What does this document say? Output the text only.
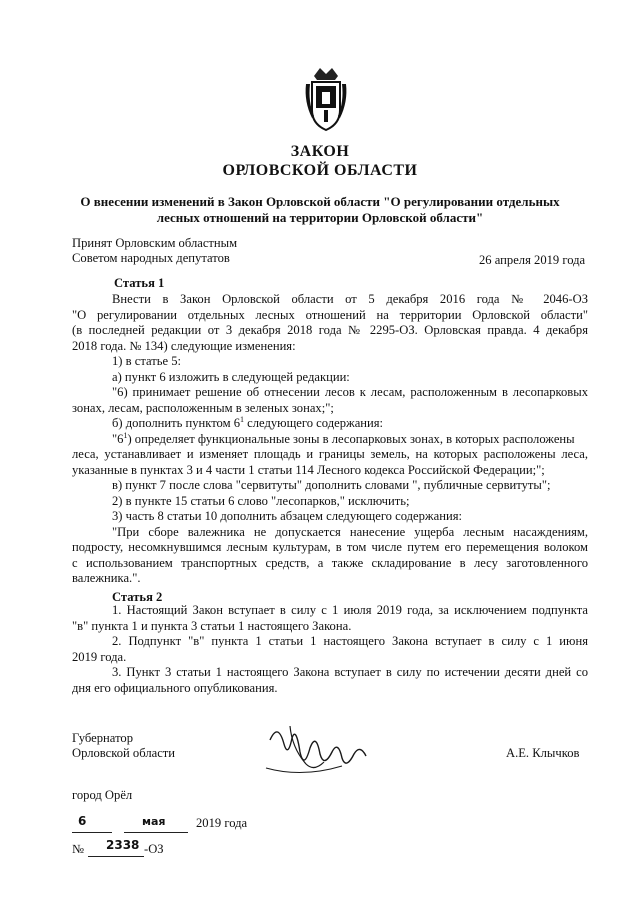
ЗАКОН
ОРЛОВСКОЙ ОБЛАСТИ
О внесении изменений в Закон Орловской области "О регулировании отдельных
лесных отношений на территории Орловской области"
Принят Орловским областным
Советом народных депутатов	26 апреля 2019 года
Статья 1
Внести в Закон Орловской области от 5 декабря 2016 года № 2046-ОЗ
"О регулировании отдельных лесных отношений на территории Орловской области"
(в последней редакции от 3 декабря 2018 года № 2295-ОЗ. Орловская правда. 4 декабря
2018 года. № 134) следующие изменения:
1) в статье 5:
а) пункт 6 изложить в следующей редакции:
"6) принимает решение об отнесении лесов к лесам, расположенным в лесопарковых
зонах, лесам, расположенным в зеленых зонах;";
б) дополнить пунктом $6^1$ следующего содержания:
"$6^1$) определяет функциональные зоны в лесопарковых зонах, в которых расположены
леса, устанавливает и изменяет площадь и границы земель, на которых расположены леса,
указанные в пунктах 3 и 4 части 1 статьи 114 Лесного кодекса Российской Федерации;";
в) пункт 7 после слова "сервитуты" дополнить словами ", публичные сервитуты";
2) в пункте 15 статьи 6 слово "лесопарков," исключить;
3) часть 8 статьи 10 дополнить абзацем следующего содержания:
"При сборе валежника не допускается нанесение ущерба лесным насаждениям,
подросту, несомкнувшимся лесным культурам, в том числе путем его перемещения волоком
с использованием транспортных средств, а также складирование в лесу заготовленного
валежника.".
Статья 2
1. Настоящий Закон вступает в силу с 1 июля 2019 года, за исключением подпункта
"в" пункта 1 и пункта 3 статьи 1 настоящего Закона.
2. Подпункт "в" пункта 1 статьи 1 настоящего Закона вступает в силу с 1 июня
2019 года.
3. Пункт 3 статьи 1 настоящего Закона вступает в силу по истечении десяти дней со
дня его официального опубликования.
Губернатор
Орловской области	А.Е. Клычков
город Орёл
6	мая 2019 года
№ 2338 -ОЗ
